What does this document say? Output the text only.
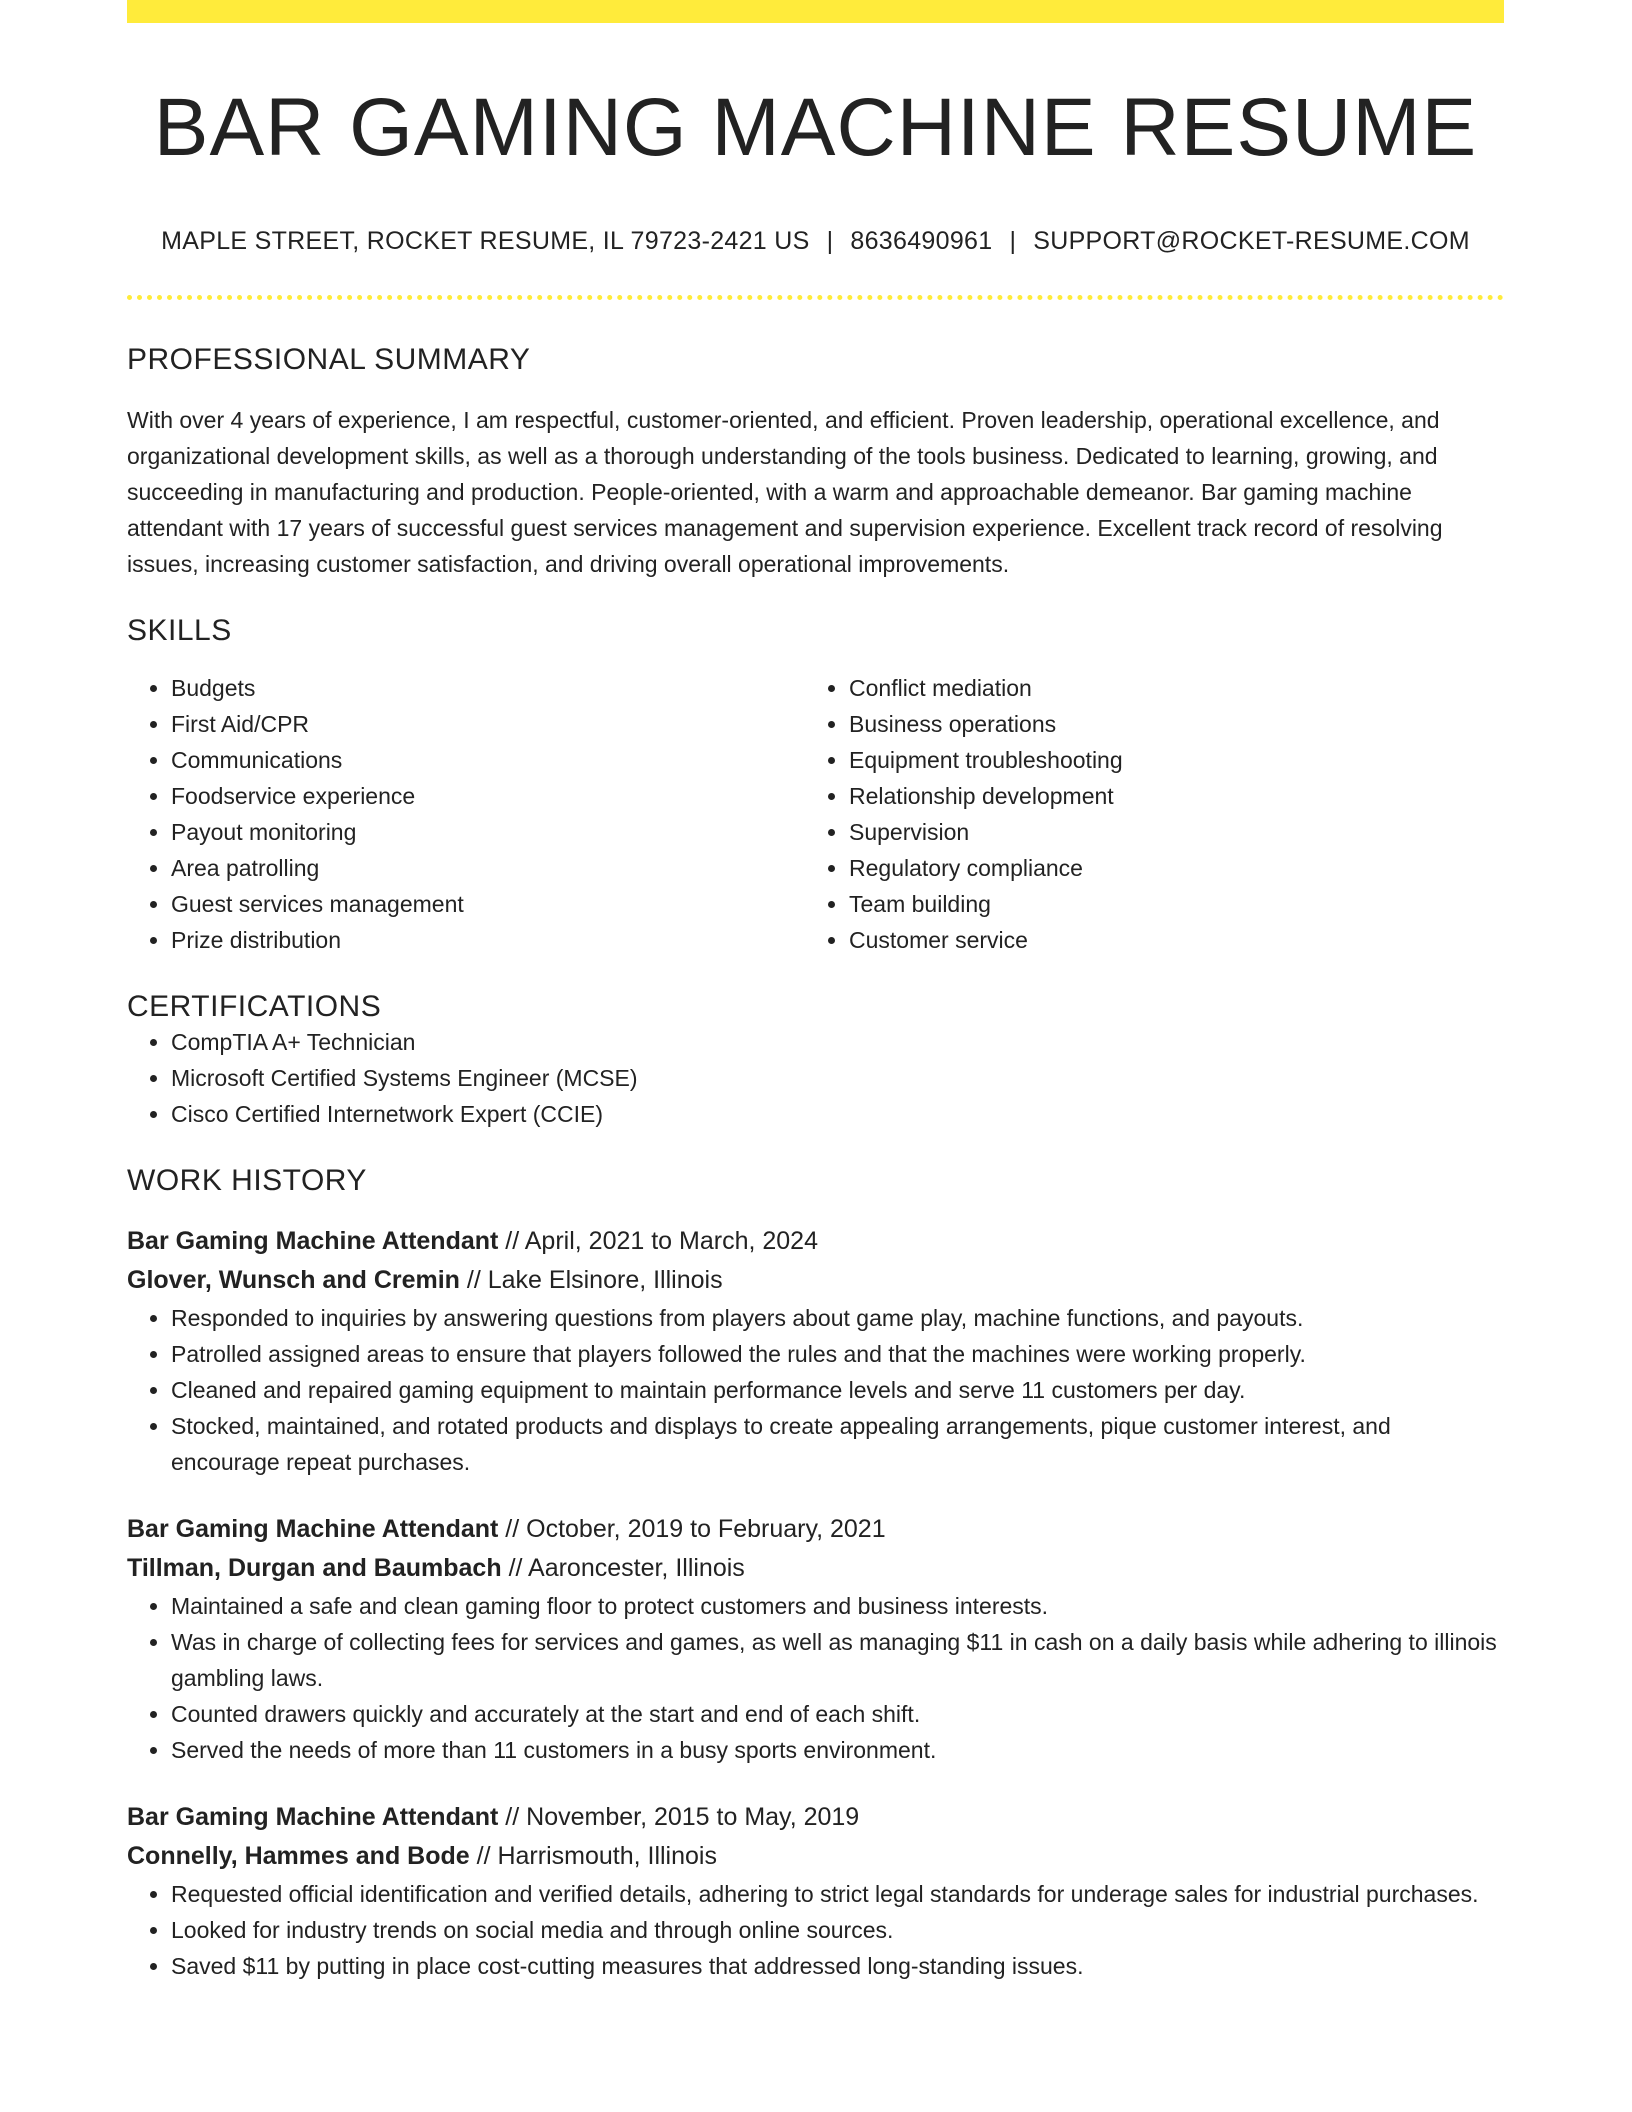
BAR GAMING MACHINE RESUME
MAPLE STREET, ROCKET RESUME, IL 79723-2421 US | 8636490961 | SUPPORT@ROCKET-RESUME.COM
PROFESSIONAL SUMMARY

With over 4 years of experience, I am respectful, customer-oriented, and efficient. Proven leadership, operational excellence, and organizational development skills, as well as a thorough understanding of the tools business. Dedicated to learning, growing, and succeeding in manufacturing and production. People-oriented, with a warm and approachable demeanor. Bar gaming machine attendant with 17 years of successful guest services management and supervision experience. Excellent track record of resolving issues, increasing customer satisfaction, and driving overall operational improvements.

SKILLS
• Budgets
• First Aid/CPR
• Communications
• Foodservice experience
• Payout monitoring
• Area patrolling
• Guest services management
• Prize distribution
• Conflict mediation
• Business operations
• Equipment troubleshooting
• Relationship development
• Supervision
• Regulatory compliance
• Team building
• Customer service
CERTIFICATIONS
• CompTIA A+ Technician
• Microsoft Certified Systems Engineer (MCSE)
• Cisco Certified Internetwork Expert (CCIE)
WORK HISTORY
Bar Gaming Machine Attendant // April, 2021 to March, 2024
Glover, Wunsch and Cremin // Lake Elsinore, Illinois
• Responded to inquiries by answering questions from players about game play, machine functions, and payouts.
• Patrolled assigned areas to ensure that players followed the rules and that the machines were working properly.
• Cleaned and repaired gaming equipment to maintain performance levels and serve 11 customers per day.
• Stocked, maintained, and rotated products and displays to create appealing arrangements, pique customer interest, and encourage repeat purchases.
Bar Gaming Machine Attendant // October, 2019 to February, 2021
Tillman, Durgan and Baumbach // Aaroncester, Illinois
• Maintained a safe and clean gaming floor to protect customers and business interests.
• Was in charge of collecting fees for services and games, as well as managing $11 in cash on a daily basis while adhering to illinois gambling laws.
• Counted drawers quickly and accurately at the start and end of each shift.
• Served the needs of more than 11 customers in a busy sports environment.
Bar Gaming Machine Attendant // November, 2015 to May, 2019
Connelly, Hammes and Bode // Harrismouth, Illinois
• Requested official identification and verified details, adhering to strict legal standards for underage sales for industrial purchases.
• Looked for industry trends on social media and through online sources.
• Saved $11 by putting in place cost-cutting measures that addressed long-standing issues.
